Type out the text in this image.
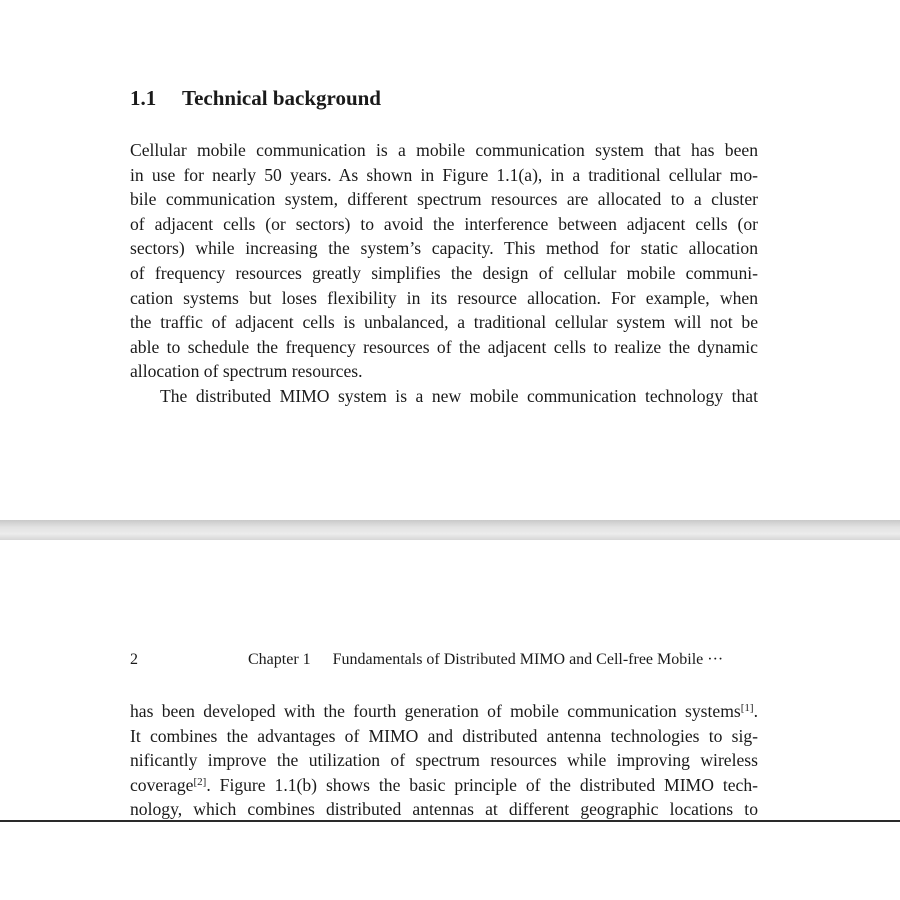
1.1 Technical background
Cellular mobile communication is a mobile communication system that has been
in use for nearly 50 years. As shown in Figure 1.1(a), in a traditional cellular mo-
bile communication system, different spectrum resources are allocated to a cluster
of adjacent cells (or sectors) to avoid the interference between adjacent cells (or
sectors) while increasing the system’s capacity. This method for static allocation
of frequency resources greatly simplifies the design of cellular mobile communi-
cation systems but loses flexibility in its resource allocation. For example, when
the traffic of adjacent cells is unbalanced, a traditional cellular system will not be
able to schedule the frequency resources of the adjacent cells to realize the dynamic
allocation of spectrum resources.
The distributed MIMO system is a new mobile communication technology that
2	Chapter 1 Fundamentals of Distributed MIMO and Cell-free Mobile ···
has been developed with the fourth generation of mobile communication systems[1].
It combines the advantages of MIMO and distributed antenna technologies to sig-
nificantly improve the utilization of spectrum resources while improving wireless
coverage[2]. Figure 1.1(b) shows the basic principle of the distributed MIMO tech-
nology, which combines distributed antennas at different geographic locations to
